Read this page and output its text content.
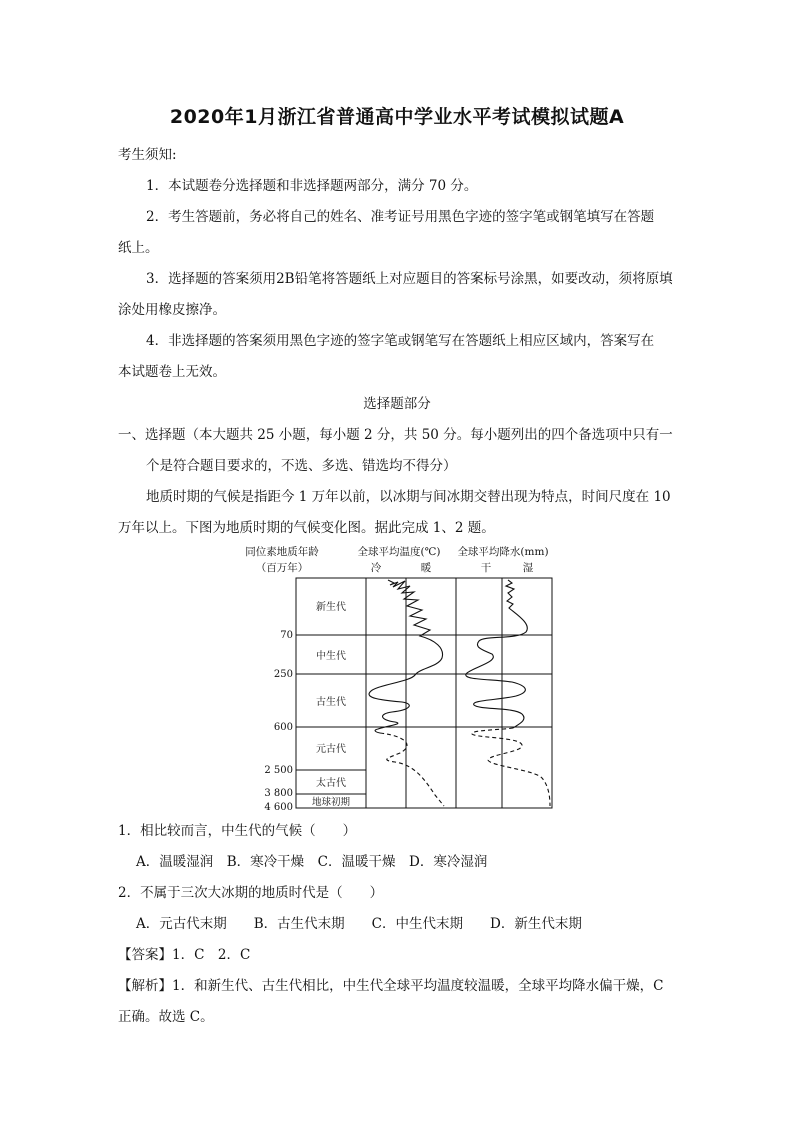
2020年1月浙江省普通高中学业水平考试模拟试题A
考生须知:
1．本试题卷分选择题和非选择题两部分，满分 70 分。
2．考生答题前，务必将自己的姓名、准考证号用黑色字迹的签字笔或钢笔填写在答题
纸上。
3．选择题的答案须用2B铅笔将答题纸上对应题目的答案标号涂黑，如要改动，须将原填
涂处用橡皮擦净。
4．非选择题的答案须用黑色字迹的签字笔或钢笔写在答题纸上相应区域内，答案写在
本试题卷上无效。
选择题部分
一、选择题（本大题共 25 小题，每小题 2 分，共 50 分。每小题列出的四个备选项中只有一
个是符合题目要求的，不选、多选、错选均不得分）
地质时期的气候是指距今 1 万年以前，以冰期与间冰期交替出现为特点，时间尺度在 10
万年以上。下图为地质时期的气候变化图。据此完成 1、2 题。
同位素地质年龄
（百万年）
全球平均温度(℃)
冷	暖
全球平均降水(mm)
干	湿
新生代
中生代
古生代
元古代
太古代
地球初期
70
250
600
2 500
3 800
4 600
1．相比较而言，中生代的气候（　　）
A．温暖湿润　B．寒冷干燥　C．温暖干燥　D．寒冷湿润
2．不属于三次大冰期的地质时代是（　　）
A．元古代末期　　B．古生代末期　　C．中生代末期　　D．新生代末期
【答案】1．C　2．C
【解析】1．和新生代、古生代相比，中生代全球平均温度较温暖，全球平均降水偏干燥，C
正确。故选 C。
